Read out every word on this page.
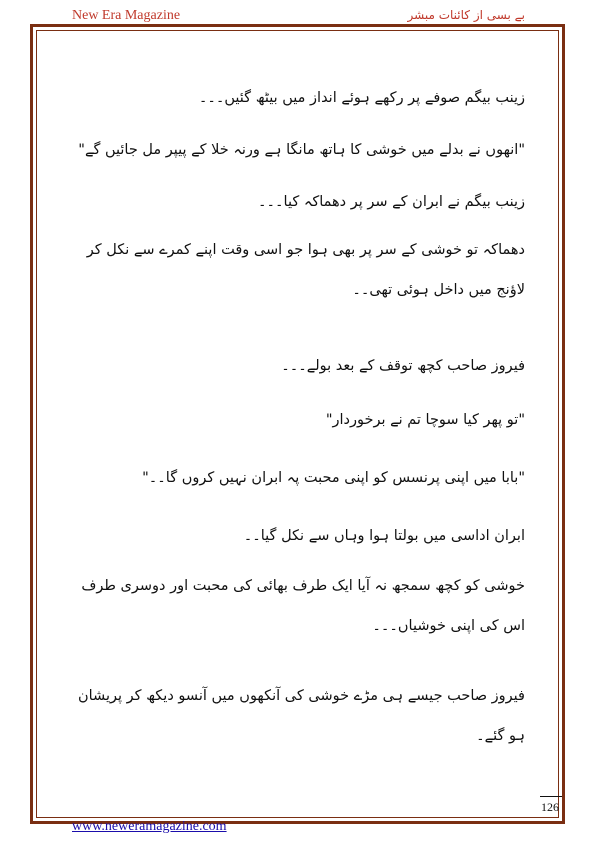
New Era Magazine	بے بسی از کائنات مبشر

زینب بیگم صوفے پر رکھے ہوئے انداز میں بیٹھ گئیں۔۔۔

"انھوں نے بدلے میں خوشی کا ہاتھ مانگا ہے ورنہ خلا کے پیپر مل جائیں گے"

زینب بیگم نے ابران کے سر پر دھماکہ کیا۔۔۔

دھماکہ تو خوشی کے سر پر بھی ہوا جو اسی وقت اپنے کمرے سے نکل کر لاؤنج میں داخل ہوئی تھی۔۔

فیروز صاحب کچھ توقف کے بعد بولے۔۔۔

"تو پھر کیا سوچا تم نے برخوردار"

"بابا میں اپنی پرنسس کو اپنی محبت پہ ابران نہیں کروں گا۔۔"

ابران اداسی میں بولتا ہوا وہاں سے نکل گیا۔۔

خوشی کو کچھ سمجھ نہ آیا ایک طرف بھائی کی محبت اور دوسری طرف اس کی اپنی خوشیاں۔۔۔

فیروز صاحب جیسے ہی مڑے خوشی کی آنکھوں میں آنسو دیکھ کر پریشان ہو گئے۔

126
www.neweramagazine.com
